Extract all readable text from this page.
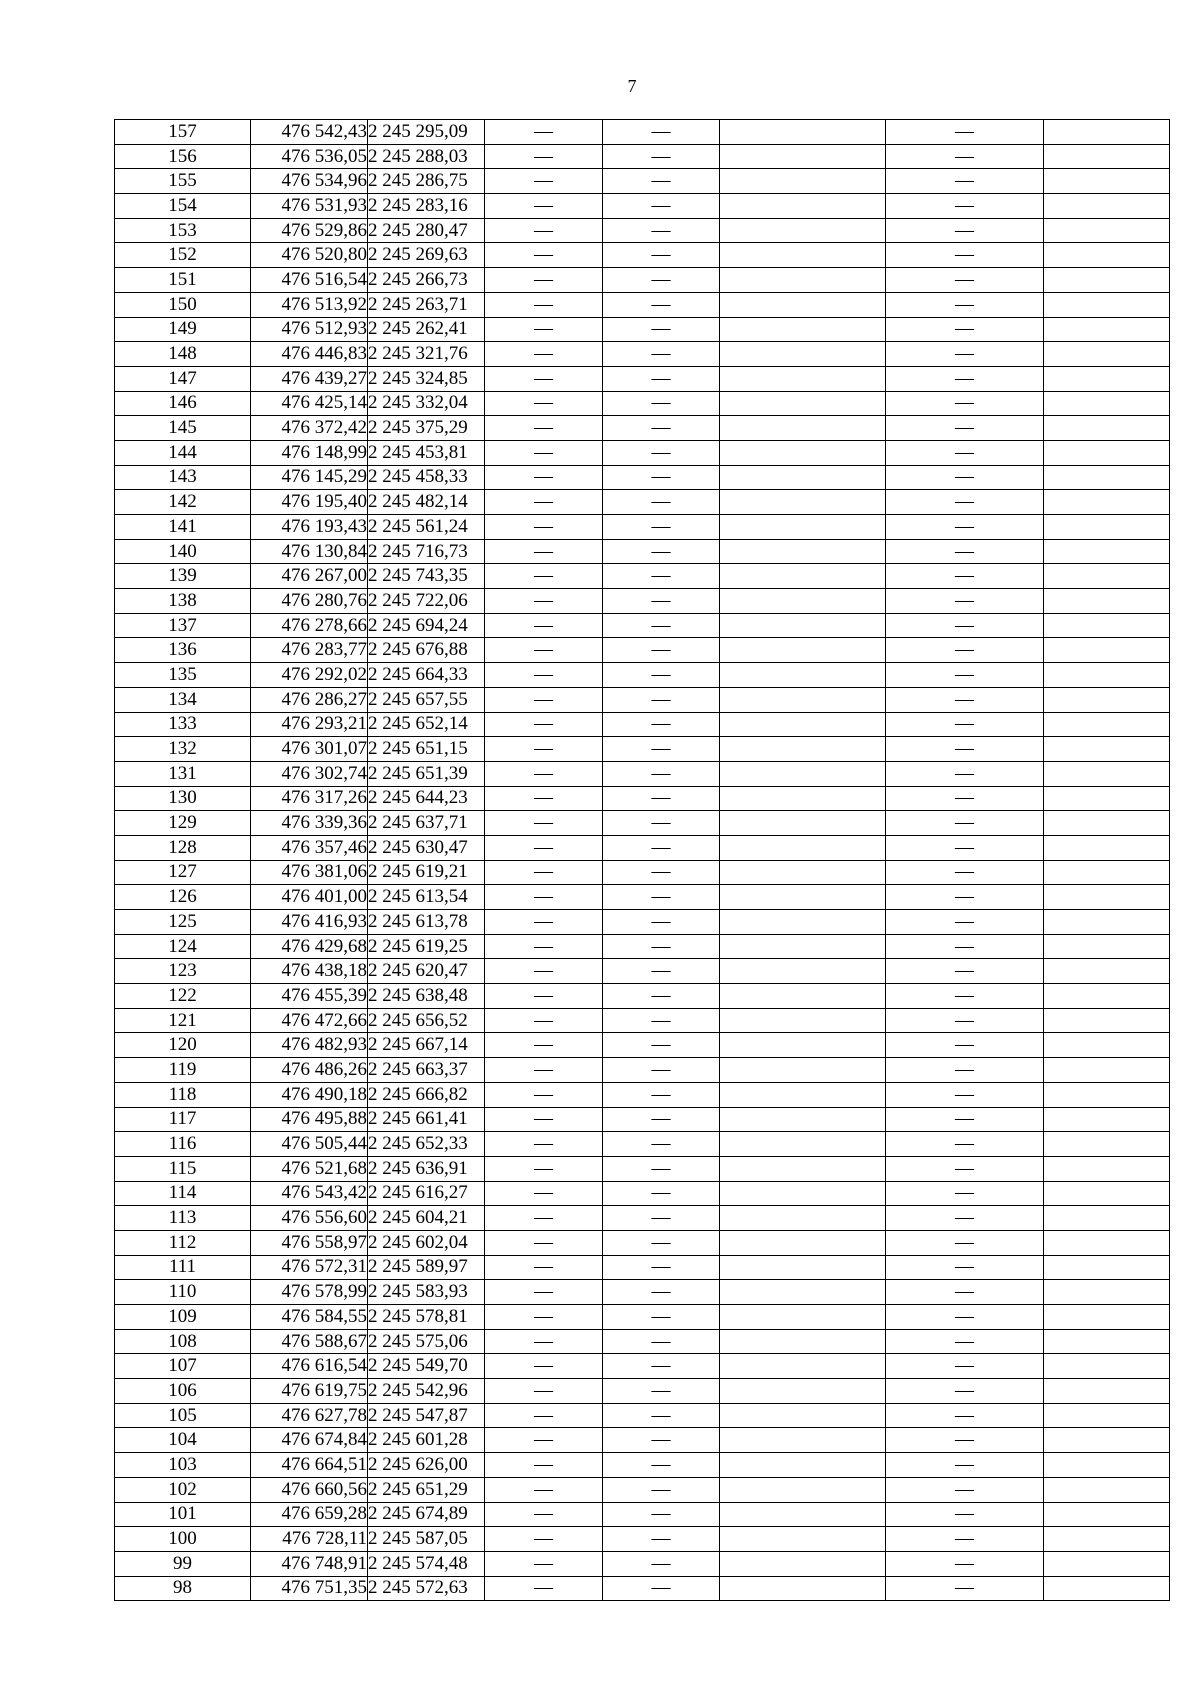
7
157	476 542,43	2 245 295,09	—	—		—	
156	476 536,05	2 245 288,03	—	—		—	
155	476 534,96	2 245 286,75	—	—		—	
154	476 531,93	2 245 283,16	—	—		—	
153	476 529,86	2 245 280,47	—	—		—	
152	476 520,80	2 245 269,63	—	—		—	
151	476 516,54	2 245 266,73	—	—		—	
150	476 513,92	2 245 263,71	—	—		—	
149	476 512,93	2 245 262,41	—	—		—	
148	476 446,83	2 245 321,76	—	—		—	
147	476 439,27	2 245 324,85	—	—		—	
146	476 425,14	2 245 332,04	—	—		—	
145	476 372,42	2 245 375,29	—	—		—	
144	476 148,99	2 245 453,81	—	—		—	
143	476 145,29	2 245 458,33	—	—		—	
142	476 195,40	2 245 482,14	—	—		—	
141	476 193,43	2 245 561,24	—	—		—	
140	476 130,84	2 245 716,73	—	—		—	
139	476 267,00	2 245 743,35	—	—		—	
138	476 280,76	2 245 722,06	—	—		—	
137	476 278,66	2 245 694,24	—	—		—	
136	476 283,77	2 245 676,88	—	—		—	
135	476 292,02	2 245 664,33	—	—		—	
134	476 286,27	2 245 657,55	—	—		—	
133	476 293,21	2 245 652,14	—	—		—	
132	476 301,07	2 245 651,15	—	—		—	
131	476 302,74	2 245 651,39	—	—		—	
130	476 317,26	2 245 644,23	—	—		—	
129	476 339,36	2 245 637,71	—	—		—	
128	476 357,46	2 245 630,47	—	—		—	
127	476 381,06	2 245 619,21	—	—		—	
126	476 401,00	2 245 613,54	—	—		—	
125	476 416,93	2 245 613,78	—	—		—	
124	476 429,68	2 245 619,25	—	—		—	
123	476 438,18	2 245 620,47	—	—		—	
122	476 455,39	2 245 638,48	—	—		—	
121	476 472,66	2 245 656,52	—	—		—	
120	476 482,93	2 245 667,14	—	—		—	
119	476 486,26	2 245 663,37	—	—		—	
118	476 490,18	2 245 666,82	—	—		—	
117	476 495,88	2 245 661,41	—	—		—	
116	476 505,44	2 245 652,33	—	—		—	
115	476 521,68	2 245 636,91	—	—		—	
114	476 543,42	2 245 616,27	—	—		—	
113	476 556,60	2 245 604,21	—	—		—	
112	476 558,97	2 245 602,04	—	—		—	
111	476 572,31	2 245 589,97	—	—		—	
110	476 578,99	2 245 583,93	—	—		—	
109	476 584,55	2 245 578,81	—	—		—	
108	476 588,67	2 245 575,06	—	—		—	
107	476 616,54	2 245 549,70	—	—		—	
106	476 619,75	2 245 542,96	—	—		—	
105	476 627,78	2 245 547,87	—	—		—	
104	476 674,84	2 245 601,28	—	—		—	
103	476 664,51	2 245 626,00	—	—		—	
102	476 660,56	2 245 651,29	—	—		—	
101	476 659,28	2 245 674,89	—	—		—	
100	476 728,11	2 245 587,05	—	—		—	
99	476 748,91	2 245 574,48	—	—		—	
98	476 751,35	2 245 572,63	—	—		—	
